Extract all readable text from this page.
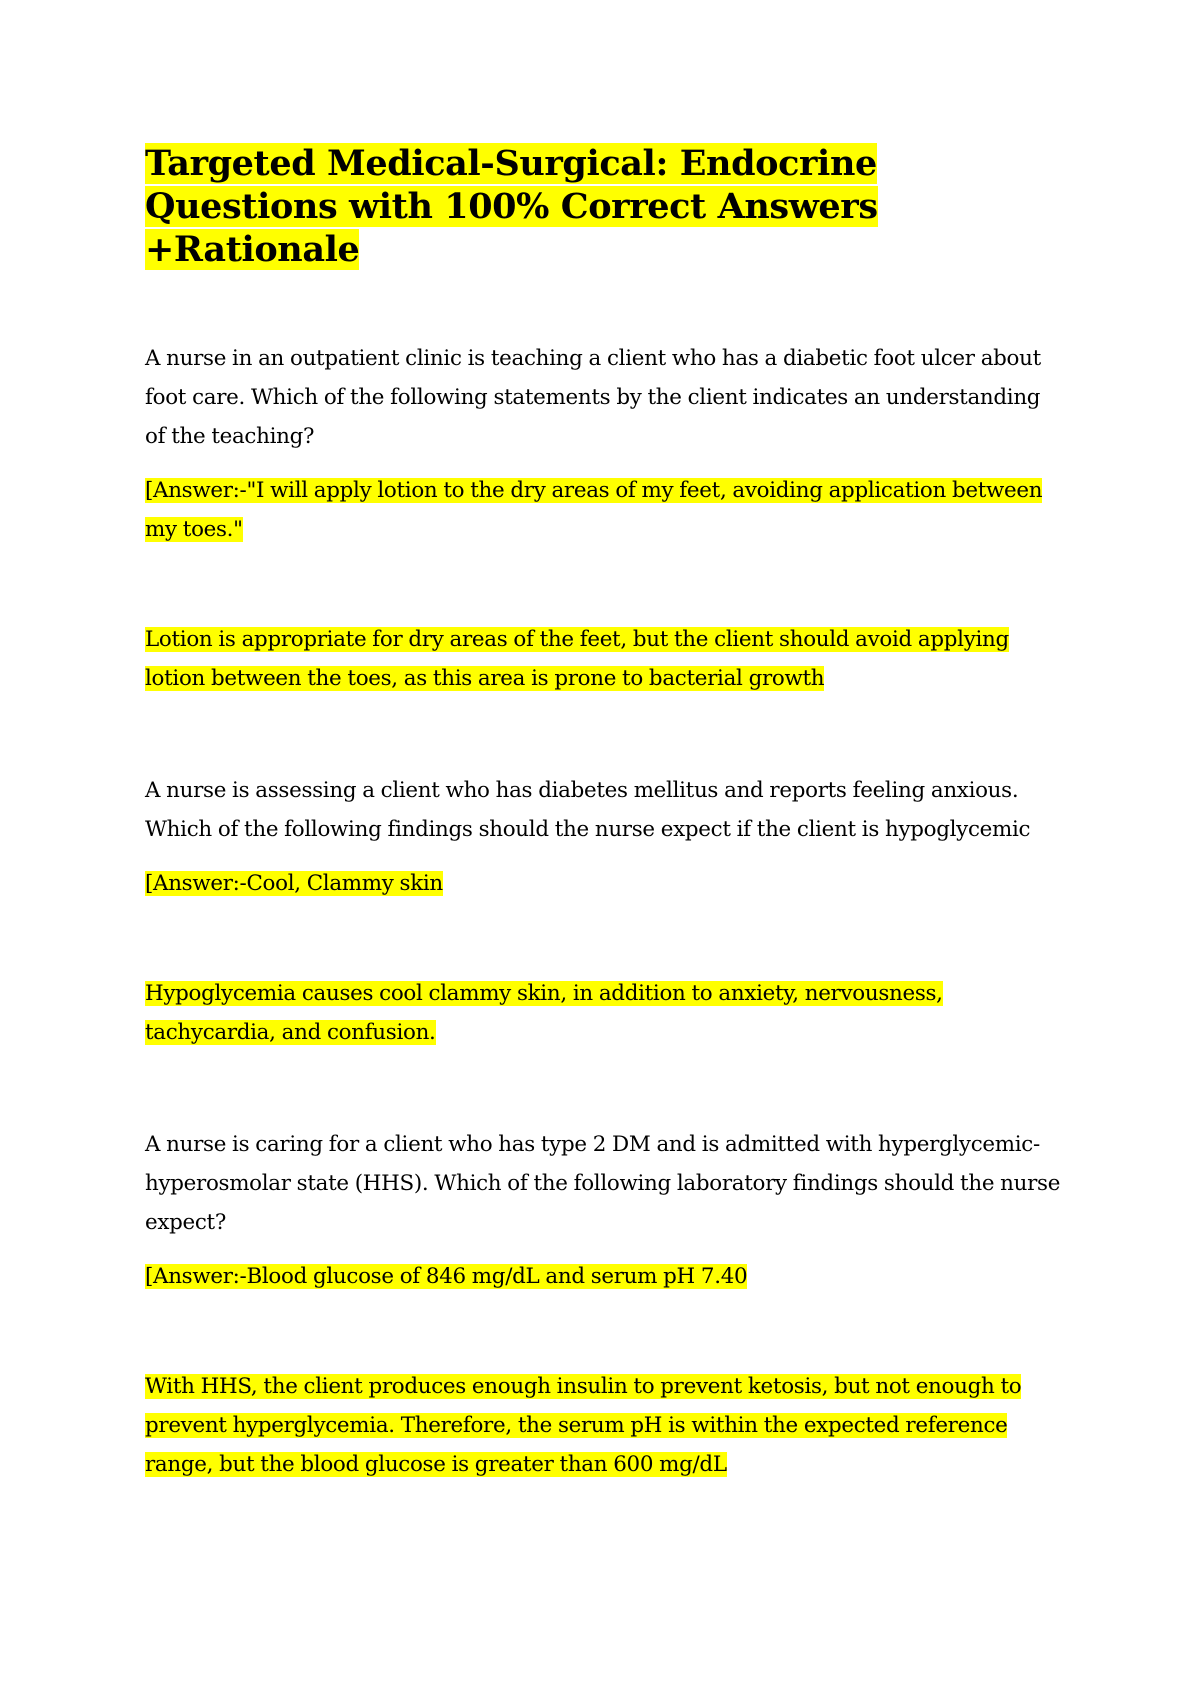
Targeted Medical-Surgical: Endocrine Questions with 100% Correct Answers +Rationale

A nurse in an outpatient clinic is teaching a client who has a diabetic foot ulcer about foot care. Which of the following statements by the client indicates an understanding of the teaching?

[Answer:-"I will apply lotion to the dry areas of my feet, avoiding application between my toes."

Lotion is appropriate for dry areas of the feet, but the client should avoid applying lotion between the toes, as this area is prone to bacterial growth

A nurse is assessing a client who has diabetes mellitus and reports feeling anxious. Which of the following findings should the nurse expect if the client is hypoglycemic

[Answer:-Cool, Clammy skin

Hypoglycemia causes cool clammy skin, in addition to anxiety, nervousness, tachycardia, and confusion.

A nurse is caring for a client who has type 2 DM and is admitted with hyperglycemic-hyperosmolar state (HHS). Which of the following laboratory findings should the nurse expect?

[Answer:-Blood glucose of 846 mg/dL and serum pH 7.40

With HHS, the client produces enough insulin to prevent ketosis, but not enough to prevent hyperglycemia. Therefore, the serum pH is within the expected reference range, but the blood glucose is greater than 600 mg/dL
